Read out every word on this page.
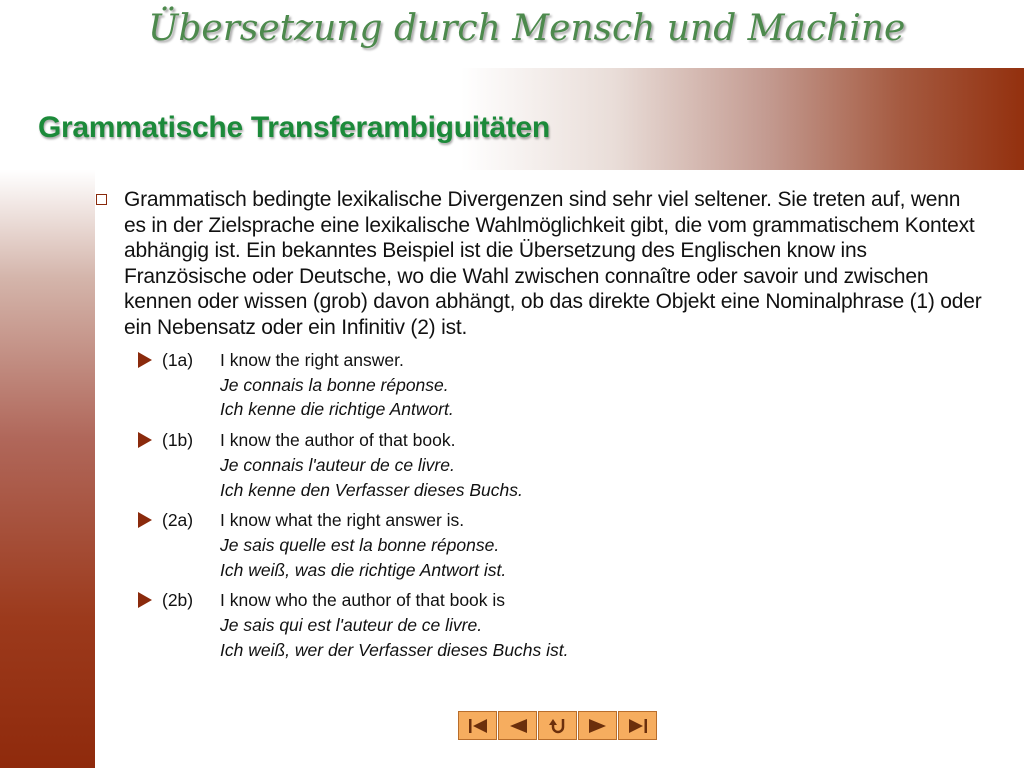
Übersetzung durch Mensch und Machine
Grammatische Transferambiguitäten
Grammatisch bedingte lexikalische Divergenzen sind sehr viel seltener. Sie treten auf, wenn es in der Zielsprache eine lexikalische Wahlmöglichkeit gibt, die vom grammatischem Kontext abhängig ist. Ein bekanntes Beispiel ist die Übersetzung des Englischen know ins Französische oder Deutsche, wo die Wahl zwischen connaître oder savoir und zwischen kennen oder wissen (grob) davon abhängt, ob das direkte Objekt eine Nominalphrase (1) oder ein Nebensatz oder ein Infinitiv (2) ist.
(1a)	I know the right answer.
Je connais la bonne réponse.
Ich kenne die richtige Antwort.
(1b)	I know the author of that book.
Je connais l'auteur de ce livre.
Ich kenne den Verfasser dieses Buchs.
(2a)	I know what the right answer is.
Je sais quelle est la bonne réponse.
Ich weiß, was die richtige Antwort ist.
(2b)	I know who the author of that book is
Je sais qui est l'auteur de ce livre.
Ich weiß, wer der Verfasser dieses Buchs ist.
